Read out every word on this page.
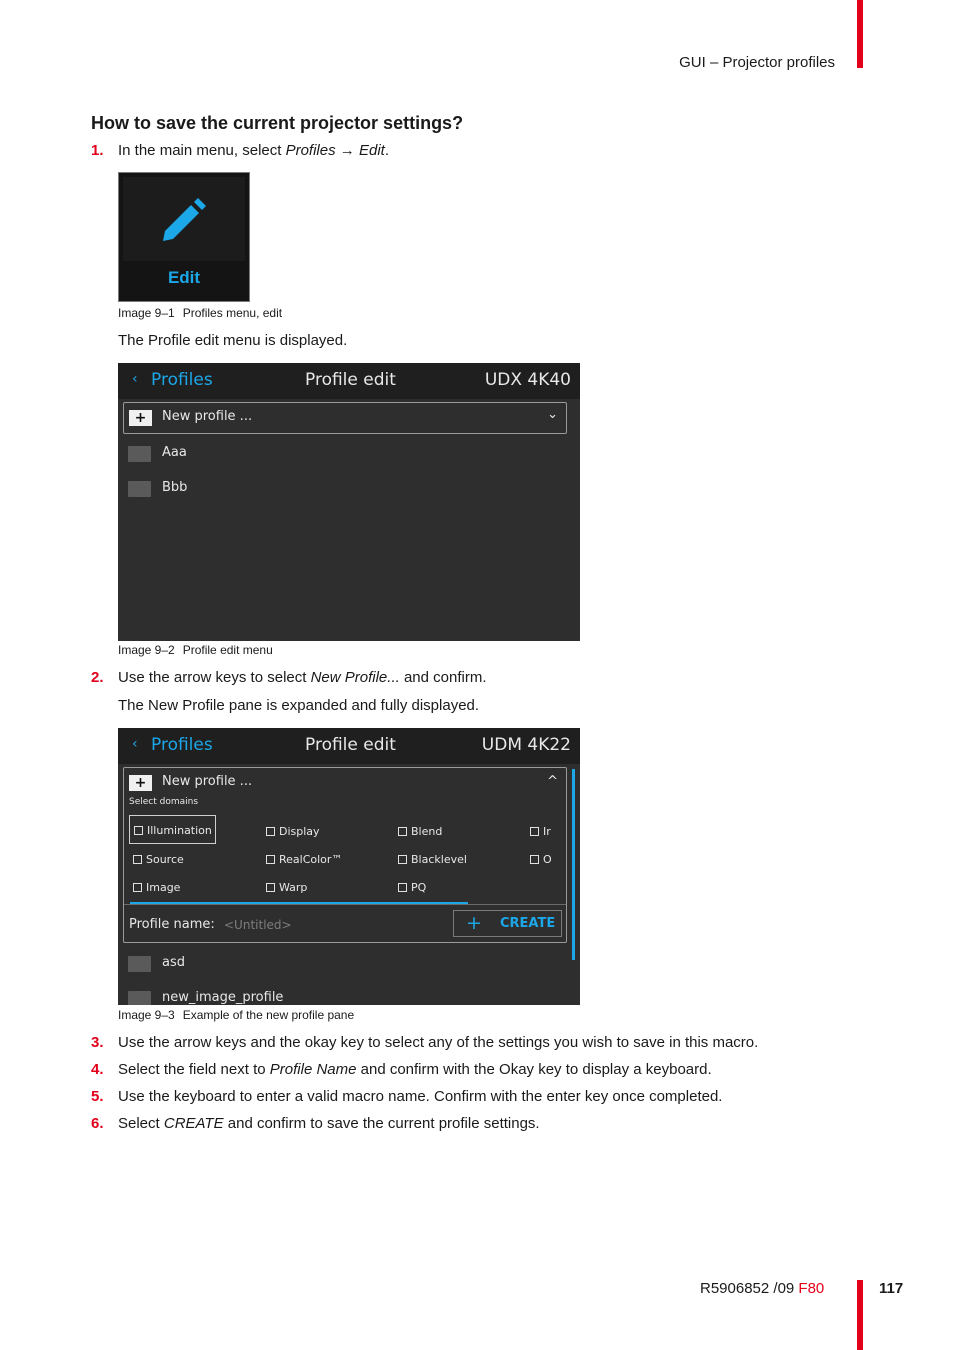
GUI – Projector profiles
How to save the current projector settings?
1. In the main menu, select Profiles → Edit.
Edit
Image 9–1 Profiles menu, edit
The Profile edit menu is displayed.
‹ Profiles	Profile edit	UDX 4K40
+	New profile ...	⌄
Aaa
Bbb
Image 9–2 Profile edit menu
2. Use the arrow keys to select New Profile... and confirm.
The New Profile pane is expanded and fully displayed.
‹ Profiles	Profile edit	UDM 4K22
+	New profile ...	^
Select domains
Illumination	Display	Blend	Ir
Source	RealColor™	Blacklevel	O
Image	Warp	PQ
Profile name: <Untitled>	+ CREATE
asd
new_image_profile
Image 9–3 Example of the new profile pane
3. Use the arrow keys and the okay key to select any of the settings you wish to save in this macro.
4. Select the field next to Profile Name and confirm with the Okay key to display a keyboard.
5. Use the keyboard to enter a valid macro name. Confirm with the enter key once completed.
6. Select CREATE and confirm to save the current profile settings.
R5906852 /09 F80	117
